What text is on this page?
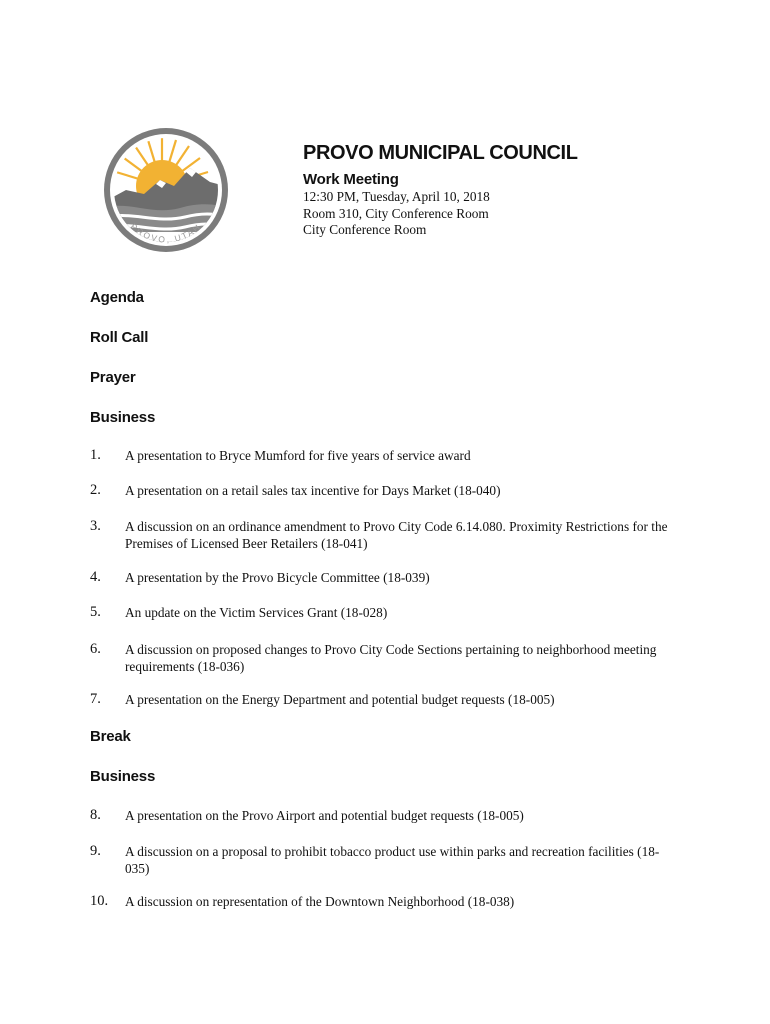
PROVO, UTAH
PROVO MUNICIPAL COUNCIL
Work Meeting
12:30 PM, Tuesday, April 10, 2018
Room 310, City Conference Room
City Conference Room
Agenda
Roll Call
Prayer
Business
1. A presentation to Bryce Mumford for five years of service award
2. A presentation on a retail sales tax incentive for Days Market (18-040)
3. A discussion on an ordinance amendment to Provo City Code 6.14.080. Proximity Restrictions for the Premises of Licensed Beer Retailers (18-041)
4. A presentation by the Provo Bicycle Committee (18-039)
5. An update on the Victim Services Grant (18-028)
6. A discussion on proposed changes to Provo City Code Sections pertaining to neighborhood meeting requirements (18-036)
7. A presentation on the Energy Department and potential budget requests (18-005)
Break
Business
8. A presentation on the Provo Airport and potential budget requests (18-005)
9. A discussion on a proposal to prohibit tobacco product use within parks and recreation facilities (18-035)
10. A discussion on representation of the Downtown Neighborhood (18-038)
